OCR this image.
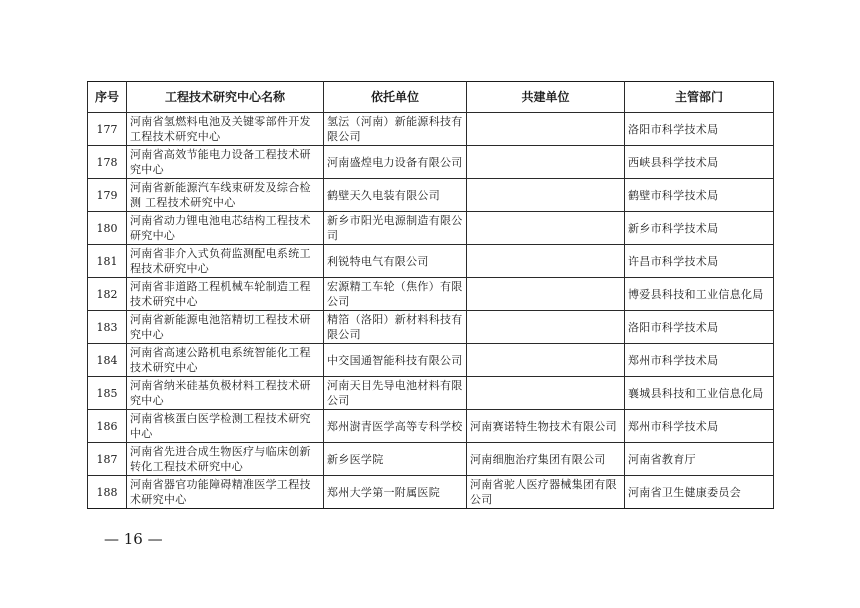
序号	工程技术研究中心名称	依托单位	共建单位	主管部门
177	河南省氢燃料电池及关键零部件开发工程技术研究中心	氢沄（河南）新能源科技有限公司		洛阳市科学技术局
178	河南省高效节能电力设备工程技术研究中心	河南盛煌电力设备有限公司		西峡县科学技术局
179	河南省新能源汽车线束研发及综合检测 工程技术研究中心	鹤壁天久电装有限公司		鹤壁市科学技术局
180	河南省动力锂电池电芯结构工程技术研究中心	新乡市阳光电源制造有限公司		新乡市科学技术局
181	河南省非介入式负荷监测配电系统工程技术研究中心	利锐特电气有限公司		许昌市科学技术局
182	河南省非道路工程机械车轮制造工程技术研究中心	宏源精工车轮（焦作）有限公司		博爱县科技和工业信息化局
183	河南省新能源电池箔精切工程技术研究中心	精箔（洛阳）新材料科技有限公司		洛阳市科学技术局
184	河南省高速公路机电系统智能化工程技术研究中心	中交国通智能科技有限公司		郑州市科学技术局
185	河南省纳米硅基负极材料工程技术研究中心	河南天目先导电池材料有限公司		襄城县科技和工业信息化局
186	河南省核蛋白医学检测工程技术研究中心	郑州澍青医学高等专科学校	河南赛诺特生物技术有限公司	郑州市科学技术局
187	河南省先进合成生物医疗与临床创新转化工程技术研究中心	新乡医学院	河南细胞治疗集团有限公司	河南省教育厅
188	河南省器官功能障碍精准医学工程技术研究中心	郑州大学第一附属医院	河南省驼人医疗器械集团有限公司	河南省卫生健康委员会
— 16 —
